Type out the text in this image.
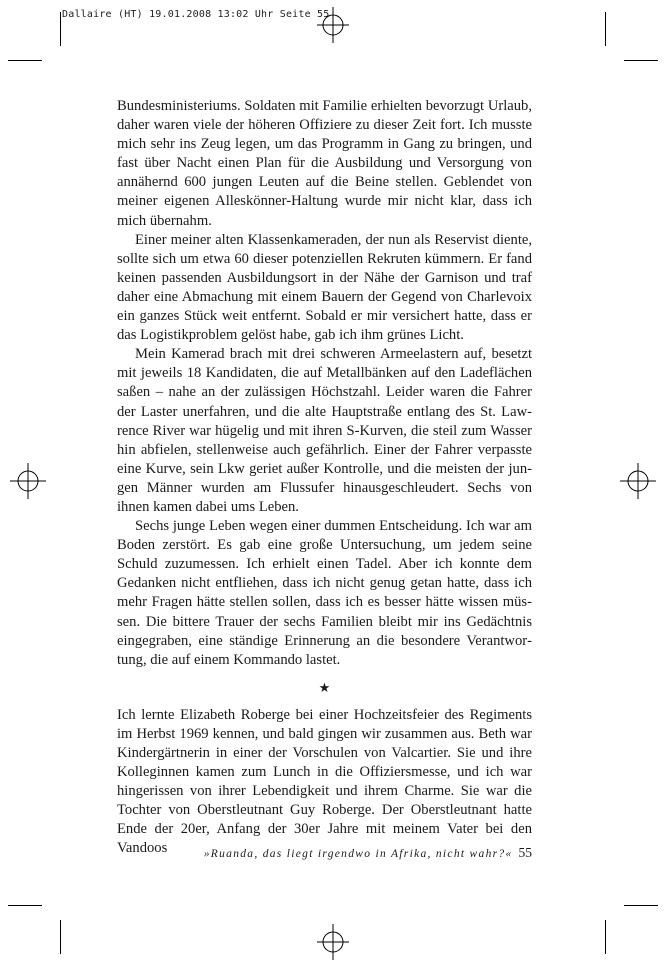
Dallaire (HT) 19.01.2008 13:02 Uhr Seite 55

Bundesministeriums. Soldaten mit Familie erhielten bevorzugt Urlaub, daher waren viele der höheren Offiziere zu dieser Zeit fort. Ich musste mich sehr ins Zeug legen, um das Programm in Gang zu bringen, und fast über Nacht einen Plan für die Ausbildung und Versorgung von annähernd 600 jungen Leuten auf die Beine stellen. Geblendet von meiner eigenen Alleskönner-Haltung wurde mir nicht klar, dass ich mich übernahm.

Einer meiner alten Klassenkameraden, der nun als Reservist diente, sollte sich um etwa 60 dieser potenziellen Rekruten kümmern. Er fand keinen passenden Ausbildungsort in der Nähe der Garnison und traf daher eine Abmachung mit einem Bauern der Gegend von Charlevoix ein ganzes Stück weit entfernt. Sobald er mir versichert hatte, dass er das Logistikproblem gelöst habe, gab ich ihm grünes Licht.

Mein Kamerad brach mit drei schweren Armeelastern auf, besetzt mit jeweils 18 Kandidaten, die auf Metallbänken auf den Ladeflächen saßen – nahe an der zulässigen Höchstzahl. Leider waren die Fahrer der Laster unerfahren, und die alte Hauptstraße entlang des St. Lawrence River war hügelig und mit ihren S-Kurven, die steil zum Wasser hin abfielen, stellenweise auch gefährlich. Einer der Fahrer verpasste eine Kurve, sein Lkw geriet außer Kontrolle, und die meisten der jungen Männer wurden am Flussufer hinausgeschleudert. Sechs von ihnen kamen dabei ums Leben.

Sechs junge Leben wegen einer dummen Entscheidung. Ich war am Boden zerstört. Es gab eine große Untersuchung, um jedem seine Schuld zuzumessen. Ich erhielt einen Tadel. Aber ich konnte dem Gedanken nicht entfliehen, dass ich nicht genug getan hatte, dass ich mehr Fragen hätte stellen sollen, dass ich es besser hätte wissen müssen. Die bittere Trauer der sechs Familien bleibt mir ins Gedächtnis eingegraben, eine ständige Erinnerung an die besondere Verantwortung, die auf einem Kommando lastet.

★

Ich lernte Elizabeth Roberge bei einer Hochzeitsfeier des Regiments im Herbst 1969 kennen, und bald gingen wir zusammen aus. Beth war Kindergärtnerin in einer der Vorschulen von Valcartier. Sie und ihre Kolleginnen kamen zum Lunch in die Offiziersmesse, und ich war hingerissen von ihrer Lebendigkeit und ihrem Charme. Sie war die Tochter von Oberstleutnant Guy Roberge. Der Oberstleutnant hatte Ende der 20er, Anfang der 30er Jahre mit meinem Vater bei den Vandoos	»Ruanda, das liegt irgendwo in Afrika, nicht wahr?« 55
